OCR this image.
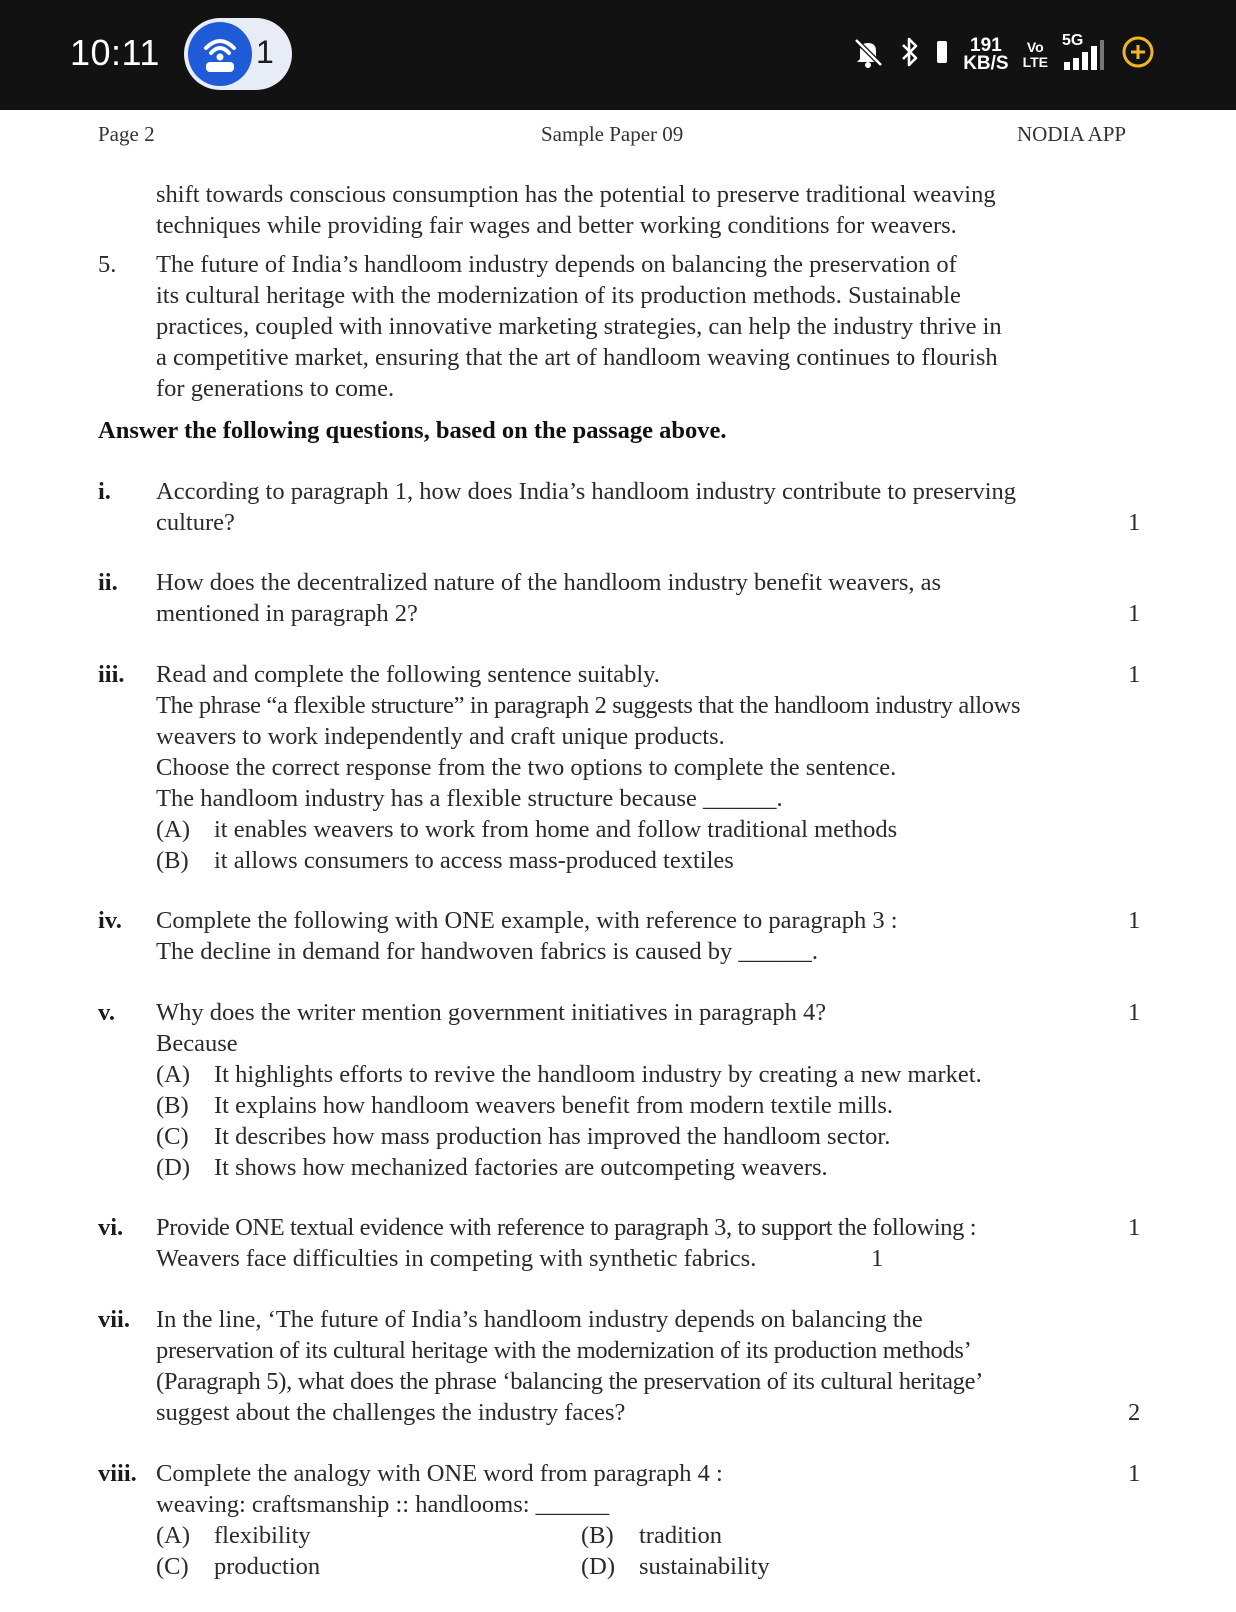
10:11	1	191
KB/S
Vo
LTE
5G
Page 2	Sample Paper 09	NODIA APP
shift towards conscious consumption has the potential to preserve traditional weaving
techniques while providing fair wages and better working conditions for weavers.
5. The future of India’s handloom industry depends on balancing the preservation of
its cultural heritage with the modernization of its production methods. Sustainable
practices, coupled with innovative marketing strategies, can help the industry thrive in
a competitive market, ensuring that the art of handloom weaving continues to flourish
for generations to come.
Answer the following questions, based on the passage above.
i. According to paragraph 1, how does India’s handloom industry contribute to preserving
culture?	1
ii. How does the decentralized nature of the handloom industry benefit weavers, as
mentioned in paragraph 2?	1
iii. Read and complete the following sentence suitably.	1
The phrase “a flexible structure” in paragraph 2 suggests that the handloom industry allows
weavers to work independently and craft unique products.
Choose the correct response from the two options to complete the sentence.
The handloom industry has a flexible structure because ______.
(A) it enables weavers to work from home and follow traditional methods
(B) it allows consumers to access mass-produced textiles
iv. Complete the following with ONE example, with reference to paragraph 3 :	1
The decline in demand for handwoven fabrics is caused by ______.
v. Why does the writer mention government initiatives in paragraph 4?	1
Because
(A) It highlights efforts to revive the handloom industry by creating a new market.
(B) It explains how handloom weavers benefit from modern textile mills.
(C) It describes how mass production has improved the handloom sector.
(D) It shows how mechanized factories are outcompeting weavers.
vi. Provide ONE textual evidence with reference to paragraph 3, to support the following :	1
Weavers face difficulties in competing with synthetic fabrics.	1
vii. In the line, ‘The future of India’s handloom industry depends on balancing the
preservation of its cultural heritage with the modernization of its production methods’
(Paragraph 5), what does the phrase ‘balancing the preservation of its cultural heritage’
suggest about the challenges the industry faces?	2
viii. Complete the analogy with ONE word from paragraph 4 :	1
weaving: craftsmanship :: handlooms: ______
(A) flexibility	(B) tradition
(C) production	(D) sustainability
